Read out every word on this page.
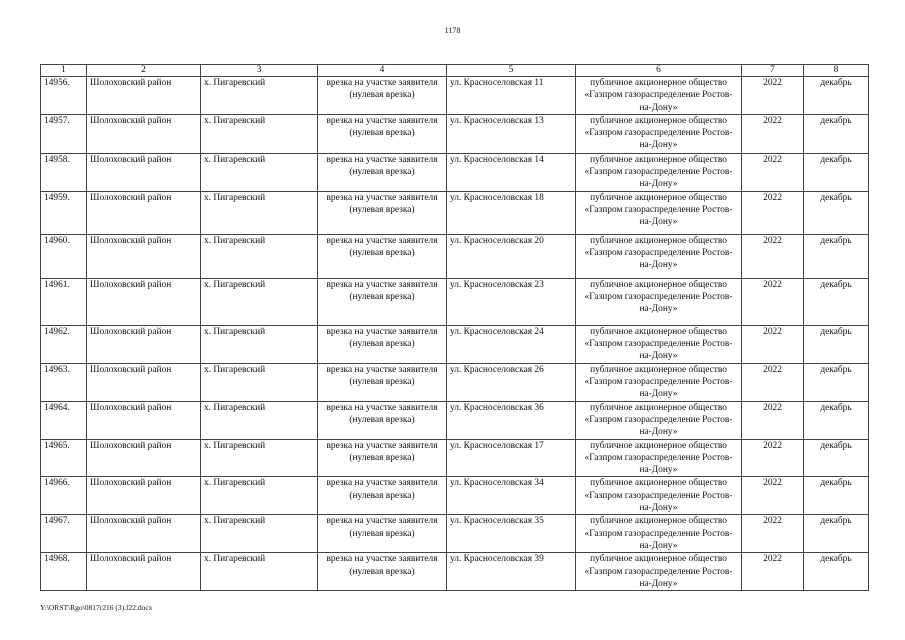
1178
1	2	3	4	5	6	7	8
14956.	Шолоховский район	х. Пигаревский	врезка на участке заявителя (нулевая врезка)	ул. Красноселовская 11	публичное акционерное общество «Газпром газораспределение Ростов-на-Дону»	2022	декабрь
14957.	Шолоховский район	х. Пигаревский	врезка на участке заявителя (нулевая врезка)	ул. Красноселовская 13	публичное акционерное общество «Газпром газораспределение Ростов-на-Дону»	2022	декабрь
14958.	Шолоховский район	х. Пигаревский	врезка на участке заявителя (нулевая врезка)	ул. Красноселовская 14	публичное акционерное общество «Газпром газораспределение Ростов-на-Дону»	2022	декабрь
14959.	Шолоховский район	х. Пигаревский	врезка на участке заявителя (нулевая врезка)	ул. Красноселовская 18	публичное акционерное общество «Газпром газораспределение Ростов-на-Дону»	2022	декабрь
14960.	Шолоховский район	х. Пигаревский	врезка на участке заявителя (нулевая врезка)	ул. Красноселовская 20	публичное акционерное общество «Газпром газораспределение Ростов-на-Дону»	2022	декабрь
14961.	Шолоховский район	х. Пигаревский	врезка на участке заявителя (нулевая врезка)	ул. Красноселовская 23	публичное акционерное общество «Газпром газораспределение Ростов-на-Дону»	2022	декабрь
14962.	Шолоховский район	х. Пигаревский	врезка на участке заявителя (нулевая врезка)	ул. Красноселовская 24	публичное акционерное общество «Газпром газораспределение Ростов-на-Дону»	2022	декабрь
14963.	Шолоховский район	х. Пигаревский	врезка на участке заявителя (нулевая врезка)	ул. Красноселовская 26	публичное акционерное общество «Газпром газораспределение Ростов-на-Дону»	2022	декабрь
14964.	Шолоховский район	х. Пигаревский	врезка на участке заявителя (нулевая врезка)	ул. Красноселовская 36	публичное акционерное общество «Газпром газораспределение Ростов-на-Дону»	2022	декабрь
14965.	Шолоховский район	х. Пигаревский	врезка на участке заявителя (нулевая врезка)	ул. Красноселовская 17	публичное акционерное общество «Газпром газораспределение Ростов-на-Дону»	2022	декабрь
14966.	Шолоховский район	х. Пигаревский	врезка на участке заявителя (нулевая врезка)	ул. Красноселовская 34	публичное акционерное общество «Газпром газораспределение Ростов-на-Дону»	2022	декабрь
14967.	Шолоховский район	х. Пигаревский	врезка на участке заявителя (нулевая врезка)	ул. Красноселовская 35	публичное акционерное общество «Газпром газораспределение Ростов-на-Дону»	2022	декабрь
14968.	Шолоховский район	х. Пигаревский	врезка на участке заявителя (нулевая врезка)	ул. Красноселовская 39	публичное акционерное общество «Газпром газораспределение Ростов-на-Дону»	2022	декабрь
Y:\ORST\Rgo\0817r216 (3).f22.docx
